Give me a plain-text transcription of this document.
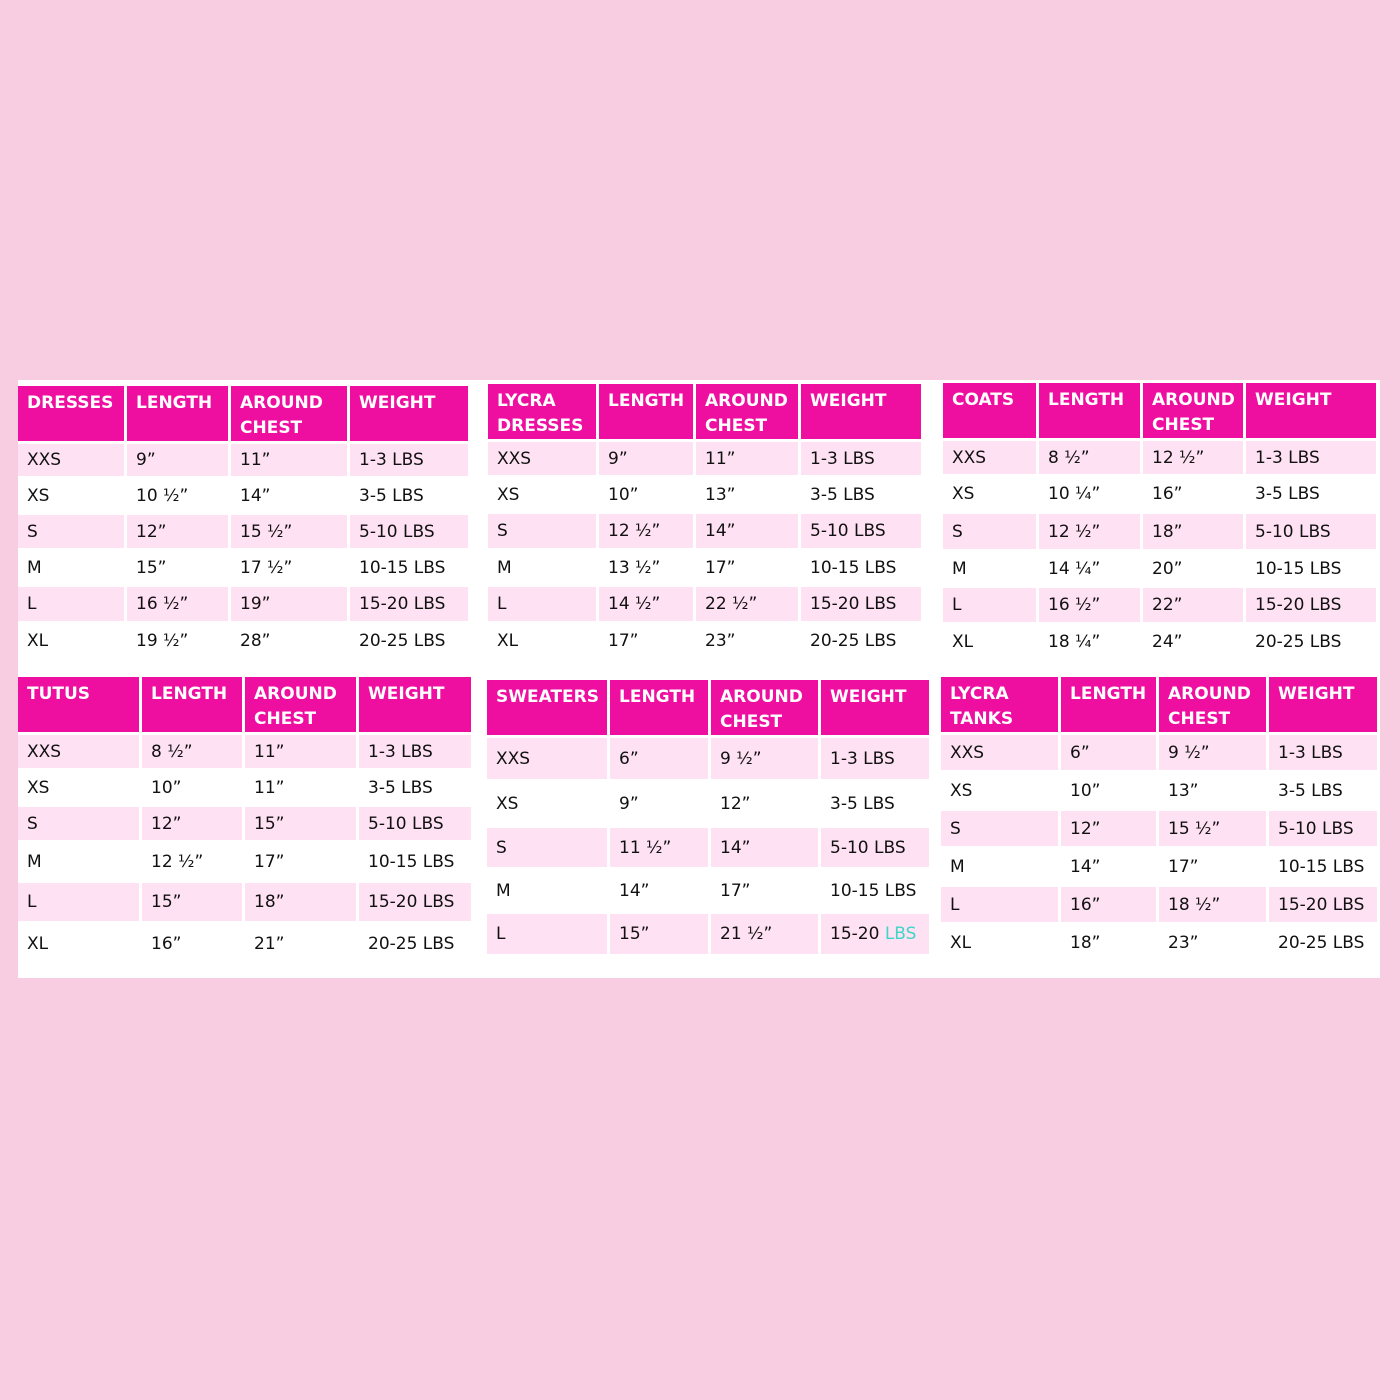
DRESSES	LENGTH	AROUND CHEST	WEIGHT
XXS	9”	11”	1-3 LBS
XS	10 ½”	14”	3-5 LBS
S	12”	15 ½”	5-10 LBS
M	15”	17 ½”	10-15 LBS
L	16 ½”	19”	15-20 LBS
XL	19 ½”	28”	20-25 LBS
LYCRA DRESSES	LENGTH	AROUND CHEST	WEIGHT
XXS	9”	11”	1-3 LBS
XS	10”	13”	3-5 LBS
S	12 ½”	14”	5-10 LBS
M	13 ½”	17”	10-15 LBS
L	14 ½”	22 ½”	15-20 LBS
XL	17”	23”	20-25 LBS
COATS	LENGTH	AROUND CHEST	WEIGHT
XXS	8 ½”	12 ½”	1-3 LBS
XS	10 ¼”	16”	3-5 LBS
S	12 ½”	18”	5-10 LBS
M	14 ¼”	20”	10-15 LBS
L	16 ½”	22”	15-20 LBS
XL	18 ¼”	24”	20-25 LBS
TUTUS	LENGTH	AROUND CHEST	WEIGHT
XXS	8 ½”	11”	1-3 LBS
XS	10”	11”	3-5 LBS
S	12”	15”	5-10 LBS
M	12 ½”	17”	10-15 LBS
L	15”	18”	15-20 LBS
XL	16”	21”	20-25 LBS
SWEATERS	LENGTH	AROUND CHEST	WEIGHT
XXS	6”	9 ½”	1-3 LBS
XS	9”	12”	3-5 LBS
S	11 ½”	14”	5-10 LBS
M	14”	17”	10-15 LBS
L	15”	21 ½”	15-20 LBS
LYCRA TANKS	LENGTH	AROUND CHEST	WEIGHT
XXS	6”	9 ½”	1-3 LBS
XS	10”	13”	3-5 LBS
S	12”	15 ½”	5-10 LBS
M	14”	17”	10-15 LBS
L	16”	18 ½”	15-20 LBS
XL	18”	23”	20-25 LBS
